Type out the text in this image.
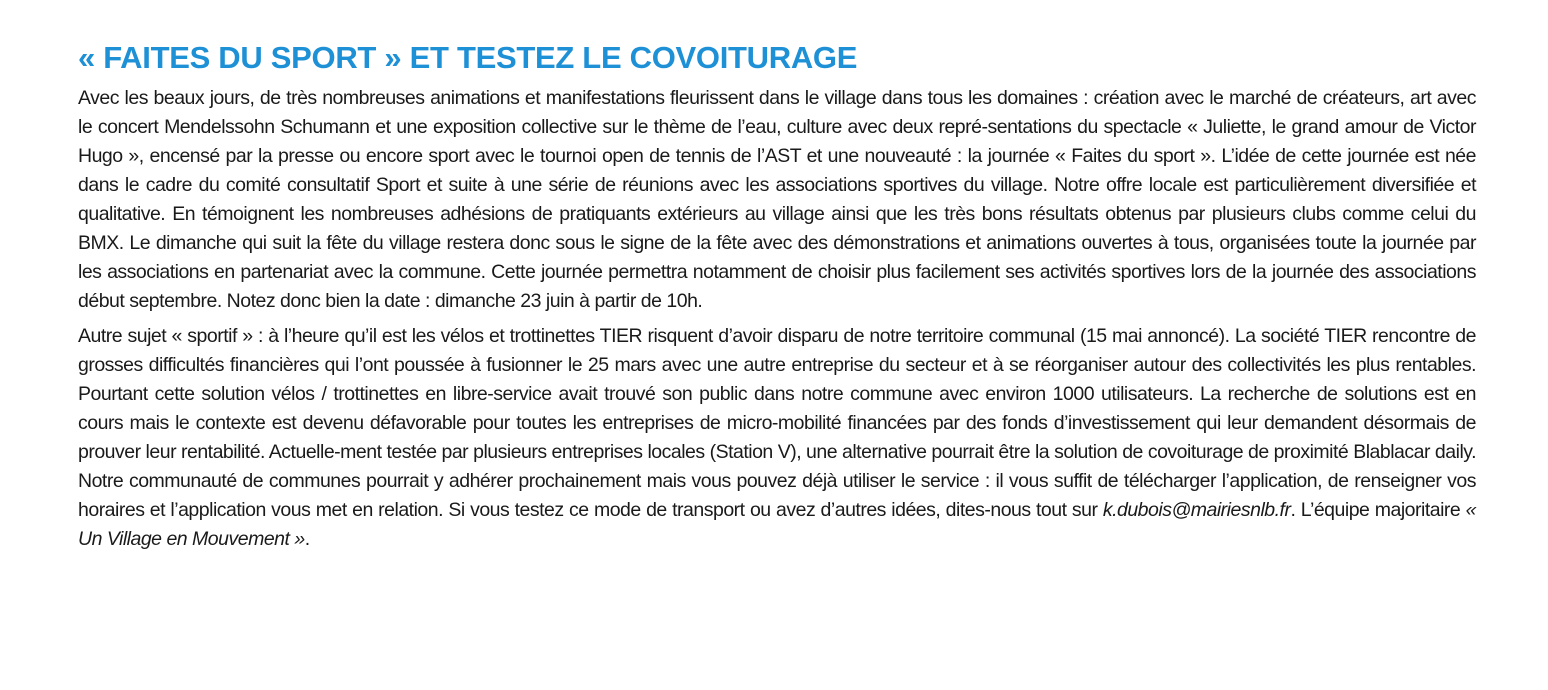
« FAITES DU SPORT » ET TESTEZ LE COVOITURAGE

Avec les beaux jours, de très nombreuses animations et manifestations fleurissent dans le village dans tous les domaines : création avec le marché de créateurs, art avec le concert Mendelssohn Schumann et une exposition collective sur le thème de l’eau, culture avec deux repré-sentations du spectacle « Juliette, le grand amour de Victor Hugo », encensé par la presse ou encore sport avec le tournoi open de tennis de l’AST et une nouveauté : la journée « Faites du sport ». L’idée de cette journée est née dans le cadre du comité consultatif Sport et suite à une série de réunions avec les associations sportives du village. Notre offre locale est particulièrement diversifiée et qualitative. En témoignent les nombreuses adhésions de pratiquants extérieurs au village ainsi que les très bons résultats obtenus par plusieurs clubs comme celui du BMX. Le dimanche qui suit la fête du village restera donc sous le signe de la fête avec des démonstrations et animations ouvertes à tous, organisées toute la journée par les associations en partenariat avec la commune. Cette journée permettra notamment de choisir plus facilement ses activités sportives lors de la journée des associations début septembre. Notez donc bien la date : dimanche 23 juin à partir de 10h.

Autre sujet « sportif » : à l’heure qu’il est les vélos et trottinettes TIER risquent d’avoir disparu de notre territoire communal (15 mai annoncé). La société TIER rencontre de grosses difficultés financières qui l’ont poussée à fusionner le 25 mars avec une autre entreprise du secteur et à se réorganiser autour des collectivités les plus rentables. Pourtant cette solution vélos / trottinettes en libre-service avait trouvé son public dans notre commune avec environ 1000 utilisateurs. La recherche de solutions est en cours mais le contexte est devenu défavorable pour toutes les entreprises de micro-mobilité financées par des fonds d’investissement qui leur demandent désormais de prouver leur rentabilité. Actuelle-ment testée par plusieurs entreprises locales (Station V), une alternative pourrait être la solution de covoiturage de proximité Blablacar daily. Notre communauté de communes pourrait y adhérer prochainement mais vous pouvez déjà utiliser le service : il vous suffit de télécharger l’application, de renseigner vos horaires et l’application vous met en relation. Si vous testez ce mode de transport ou avez d’autres idées, dites-nous tout sur k.dubois@mairiesnlb.fr. L’équipe majoritaire « Un Village en Mouvement ».
